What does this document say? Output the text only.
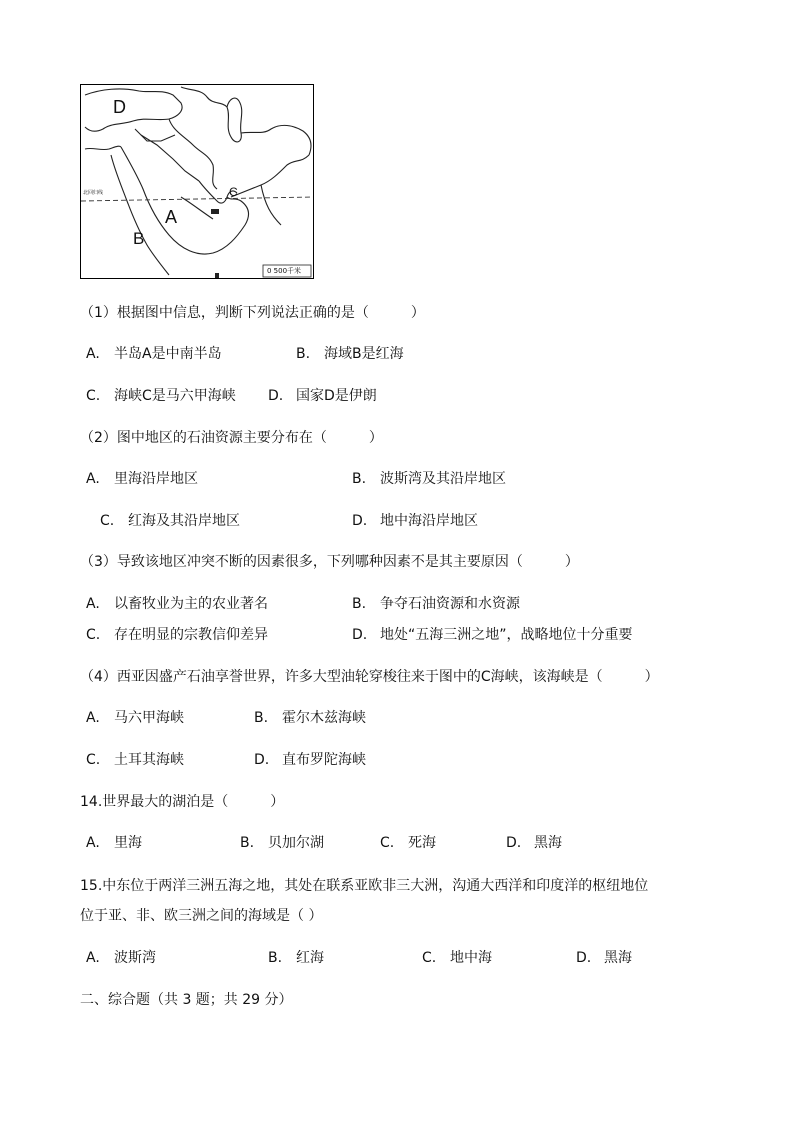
D
A
B
C
北回归线
0 500千米
（1）根据图中信息，判断下列说法正确的是（　　　）
A. 半岛A是中南半岛	B. 海域B是红海
C. 海峡C是马六甲海峡 D. 国家D是伊朗
（2）图中地区的石油资源主要分布在（　　　）
A. 里海沿岸地区	B. 波斯湾及其沿岸地区
C. 红海及其沿岸地区	D. 地中海沿岸地区
（3）导致该地区冲突不断的因素很多，下列哪种因素不是其主要原因（　　　）
A. 以畜牧业为主的农业著名	B. 争夺石油资源和水资源
C. 存在明显的宗教信仰差异	D. 地处“五海三洲之地”，战略地位十分重要
（4）西亚因盛产石油享誉世界，许多大型油轮穿梭往来于图中的C海峡，该海峡是（　　　）
A. 马六甲海峡	B. 霍尔木兹海峡
C. 土耳其海峡	D. 直布罗陀海峡
14.世界最大的湖泊是（　　　）
A. 里海	B. 贝加尔湖	C. 死海	D. 黑海
15.中东位于两洋三洲五海之地，其处在联系亚欧非三大洲，沟通大西洋和印度洋的枢纽地位
位于亚、非、欧三洲之间的海域是（ ）
A. 波斯湾	B. 红海	C. 地中海	D. 黑海
二、综合题（共 3 题；共 29 分）
